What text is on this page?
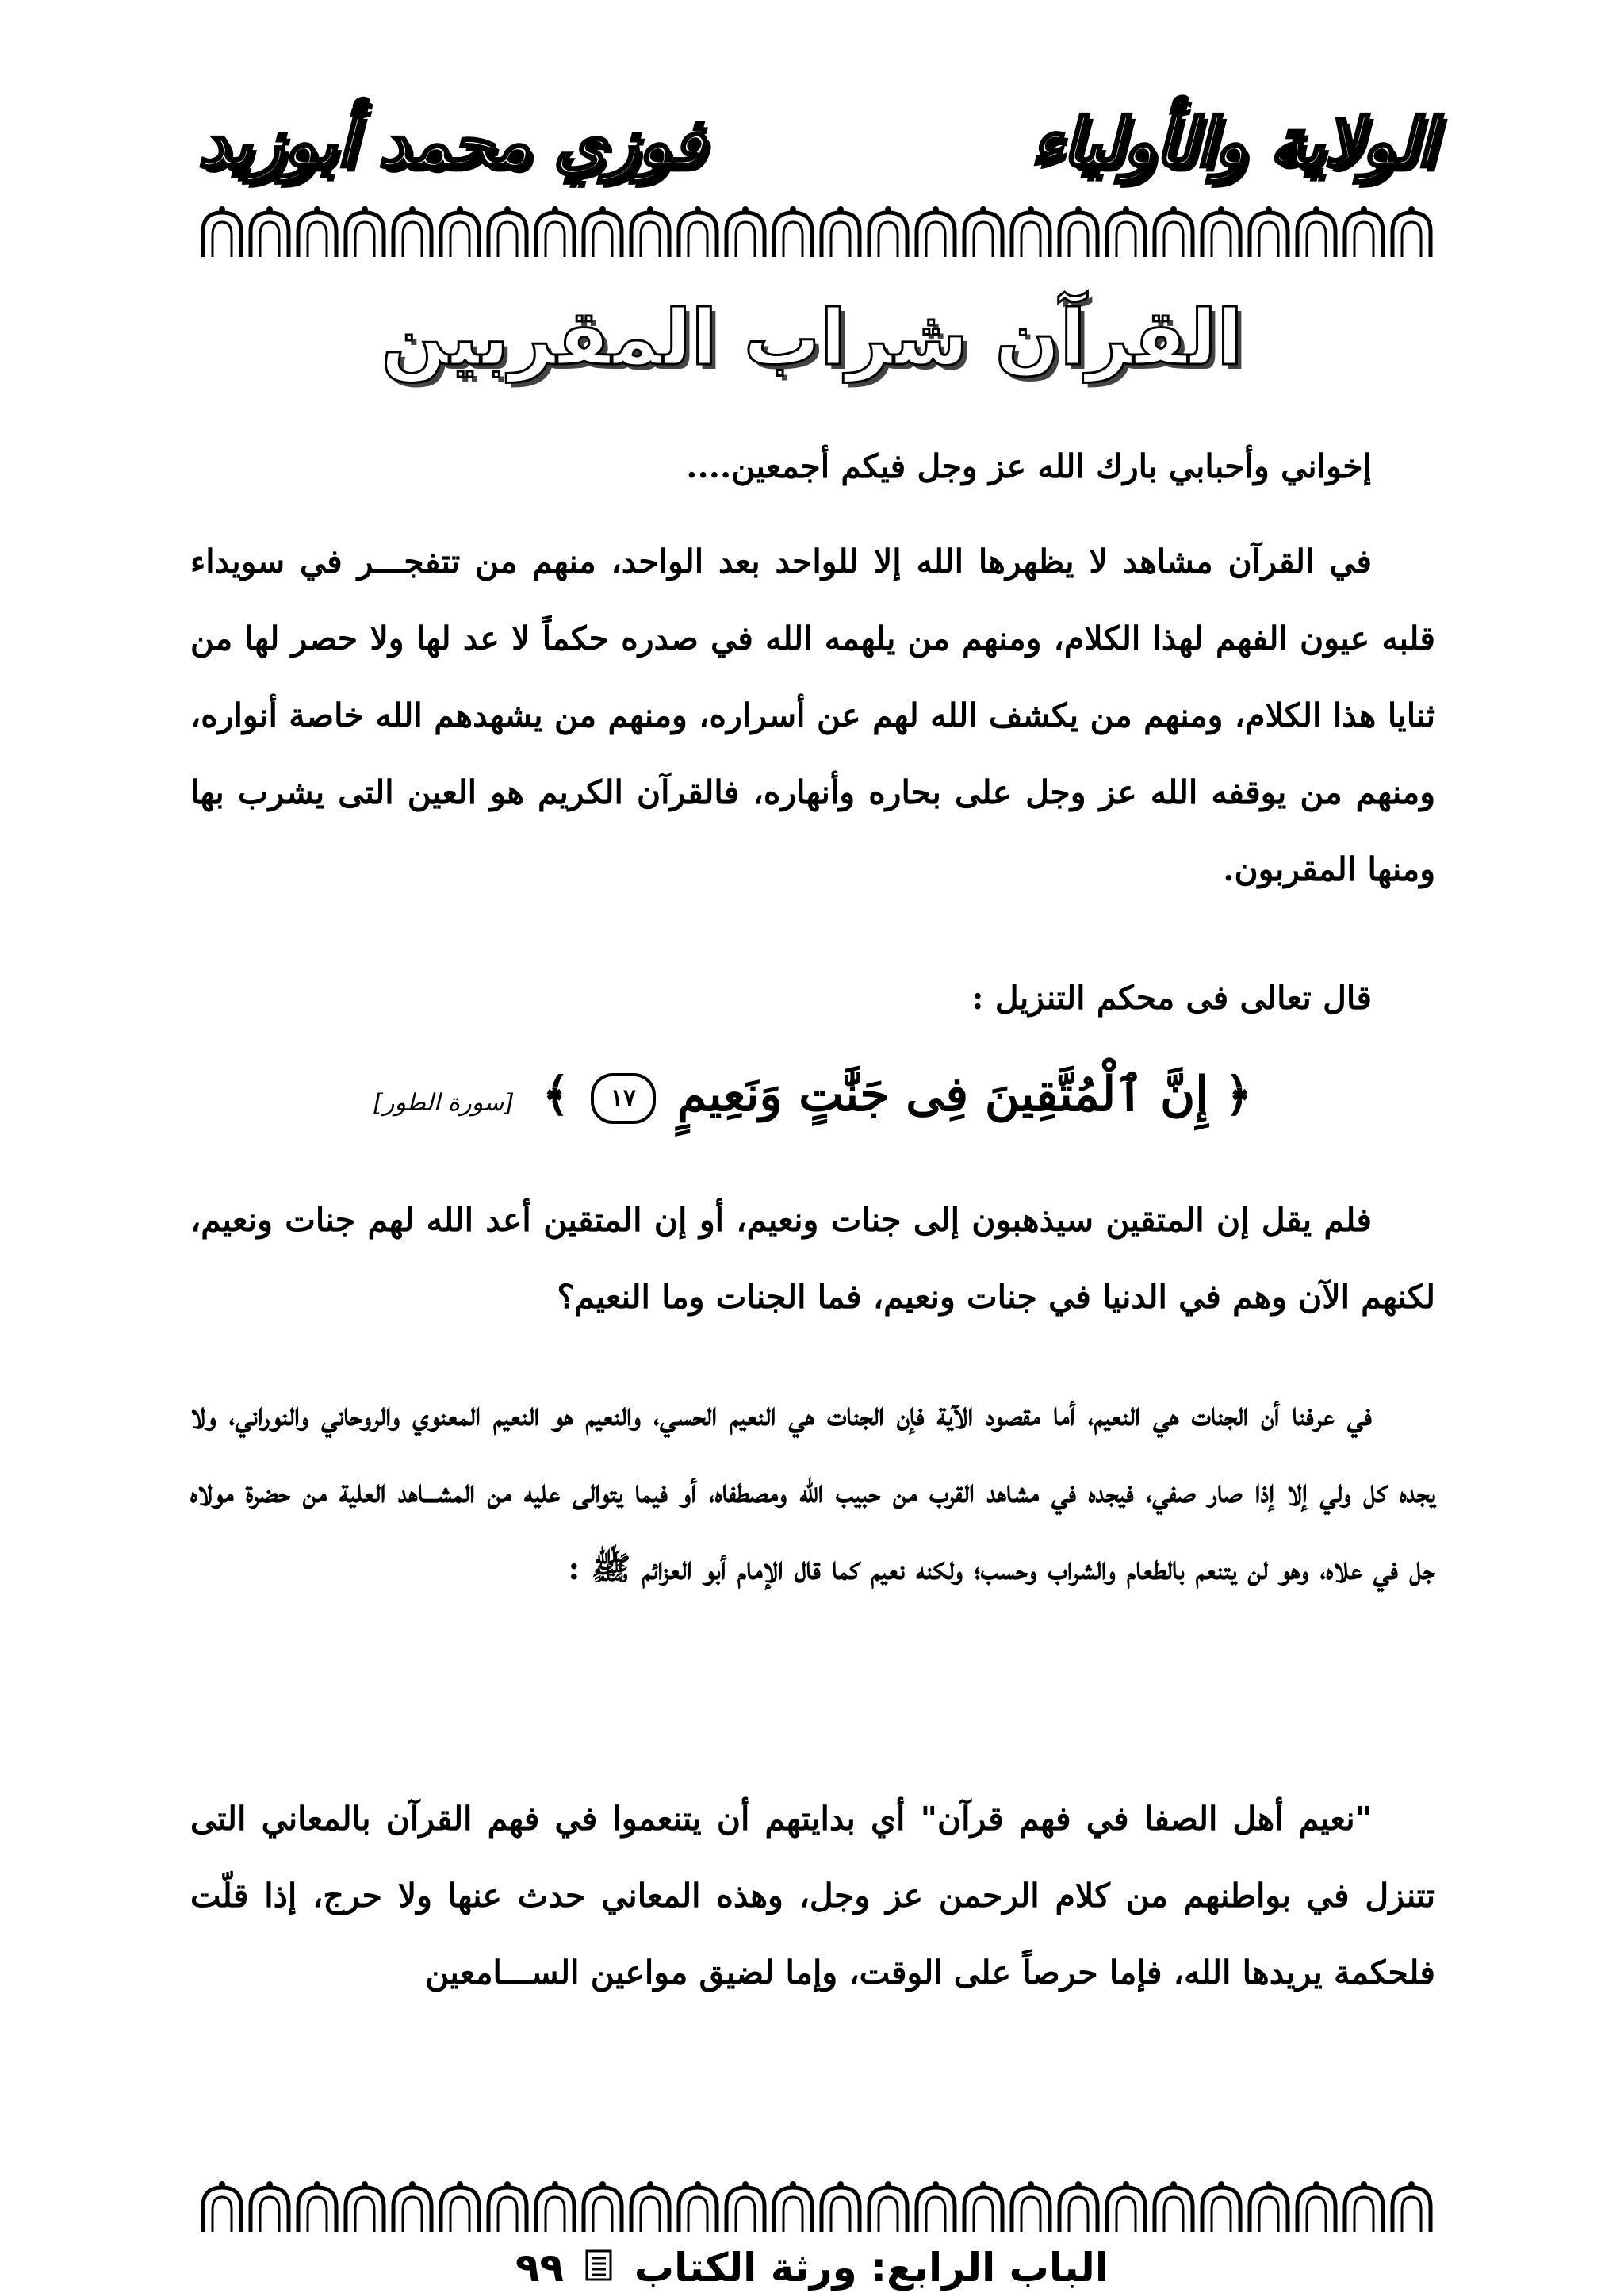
الولاية والأولياء
فوزي محمد أبوزيد
القرآن شراب المقربين

إخواني وأحبابي بارك الله عز وجل فيكم أجمعين....

في القرآن مشاهد لا يظهرها الله إلا للواحد بعد الواحد، منهم من تتفجـــر في سويداء قلبه عيون الفهم لهذا الكلام، ومنهم من يلهمه الله في صدره حكماً لا عد لها ولا حصر لها من ثنايا هذا الكلام، ومنهم من يكشف الله لهم عن أسراره، ومنهم من يشهدهم الله خاصة أنواره، ومنهم من يوقفه الله عز وجل على بحاره وأنهاره، فالقرآن الكريم هو العين التى يشرب بها ومنها المقربون.

قال تعالى فى محكم التنزيل :

﴿ إِنَّ ٱلْمُتَّقِينَ فِى جَنَّٰتٍ وَنَعِيمٍ ١٧ ﴾ [سورة الطور]

فلم يقل إن المتقين سيذهبون إلى جنات ونعيم، أو إن المتقين أعد الله لهم جنات ونعيم، لكنهم الآن وهم في الدنيا في جنات ونعيم، فما الجنات وما النعيم؟

في عرفنا أن الجنات هي النعيم، أما مقصود الآية فإن الجنات هي النعيم الحسي، والنعيم هو النعيم المعنوي والروحاني والنوراني، ولا يجده كل ولي إلا إذا صار صفي، فيجده في مشاهد القرب من حبيب الله ومصطفاه، أو فيما يتوالى عليه من المشـــاهد العلية من حضرة مولاه جل في علاه، وهو لن يتنعم بالطعام والشراب وحسب؛ ولكنه نعيم كما قال الإمام أبو العزائم ﷺ :

"نعيم أهل الصفا في فهم قرآن" أي بدايتهم أن يتنعموا في فهم القرآن بالمعاني التى تتنزل في بواطنهم من كلام الرحمن عز وجل، وهذه المعاني حدث عنها ولا حرج، إذا قلّت فلحكمة يريدها الله، فإما حرصاً على الوقت، وإما لضيق مواعين الســـامعين

الباب الرابع: ورثة الكتاب  ٩٩
